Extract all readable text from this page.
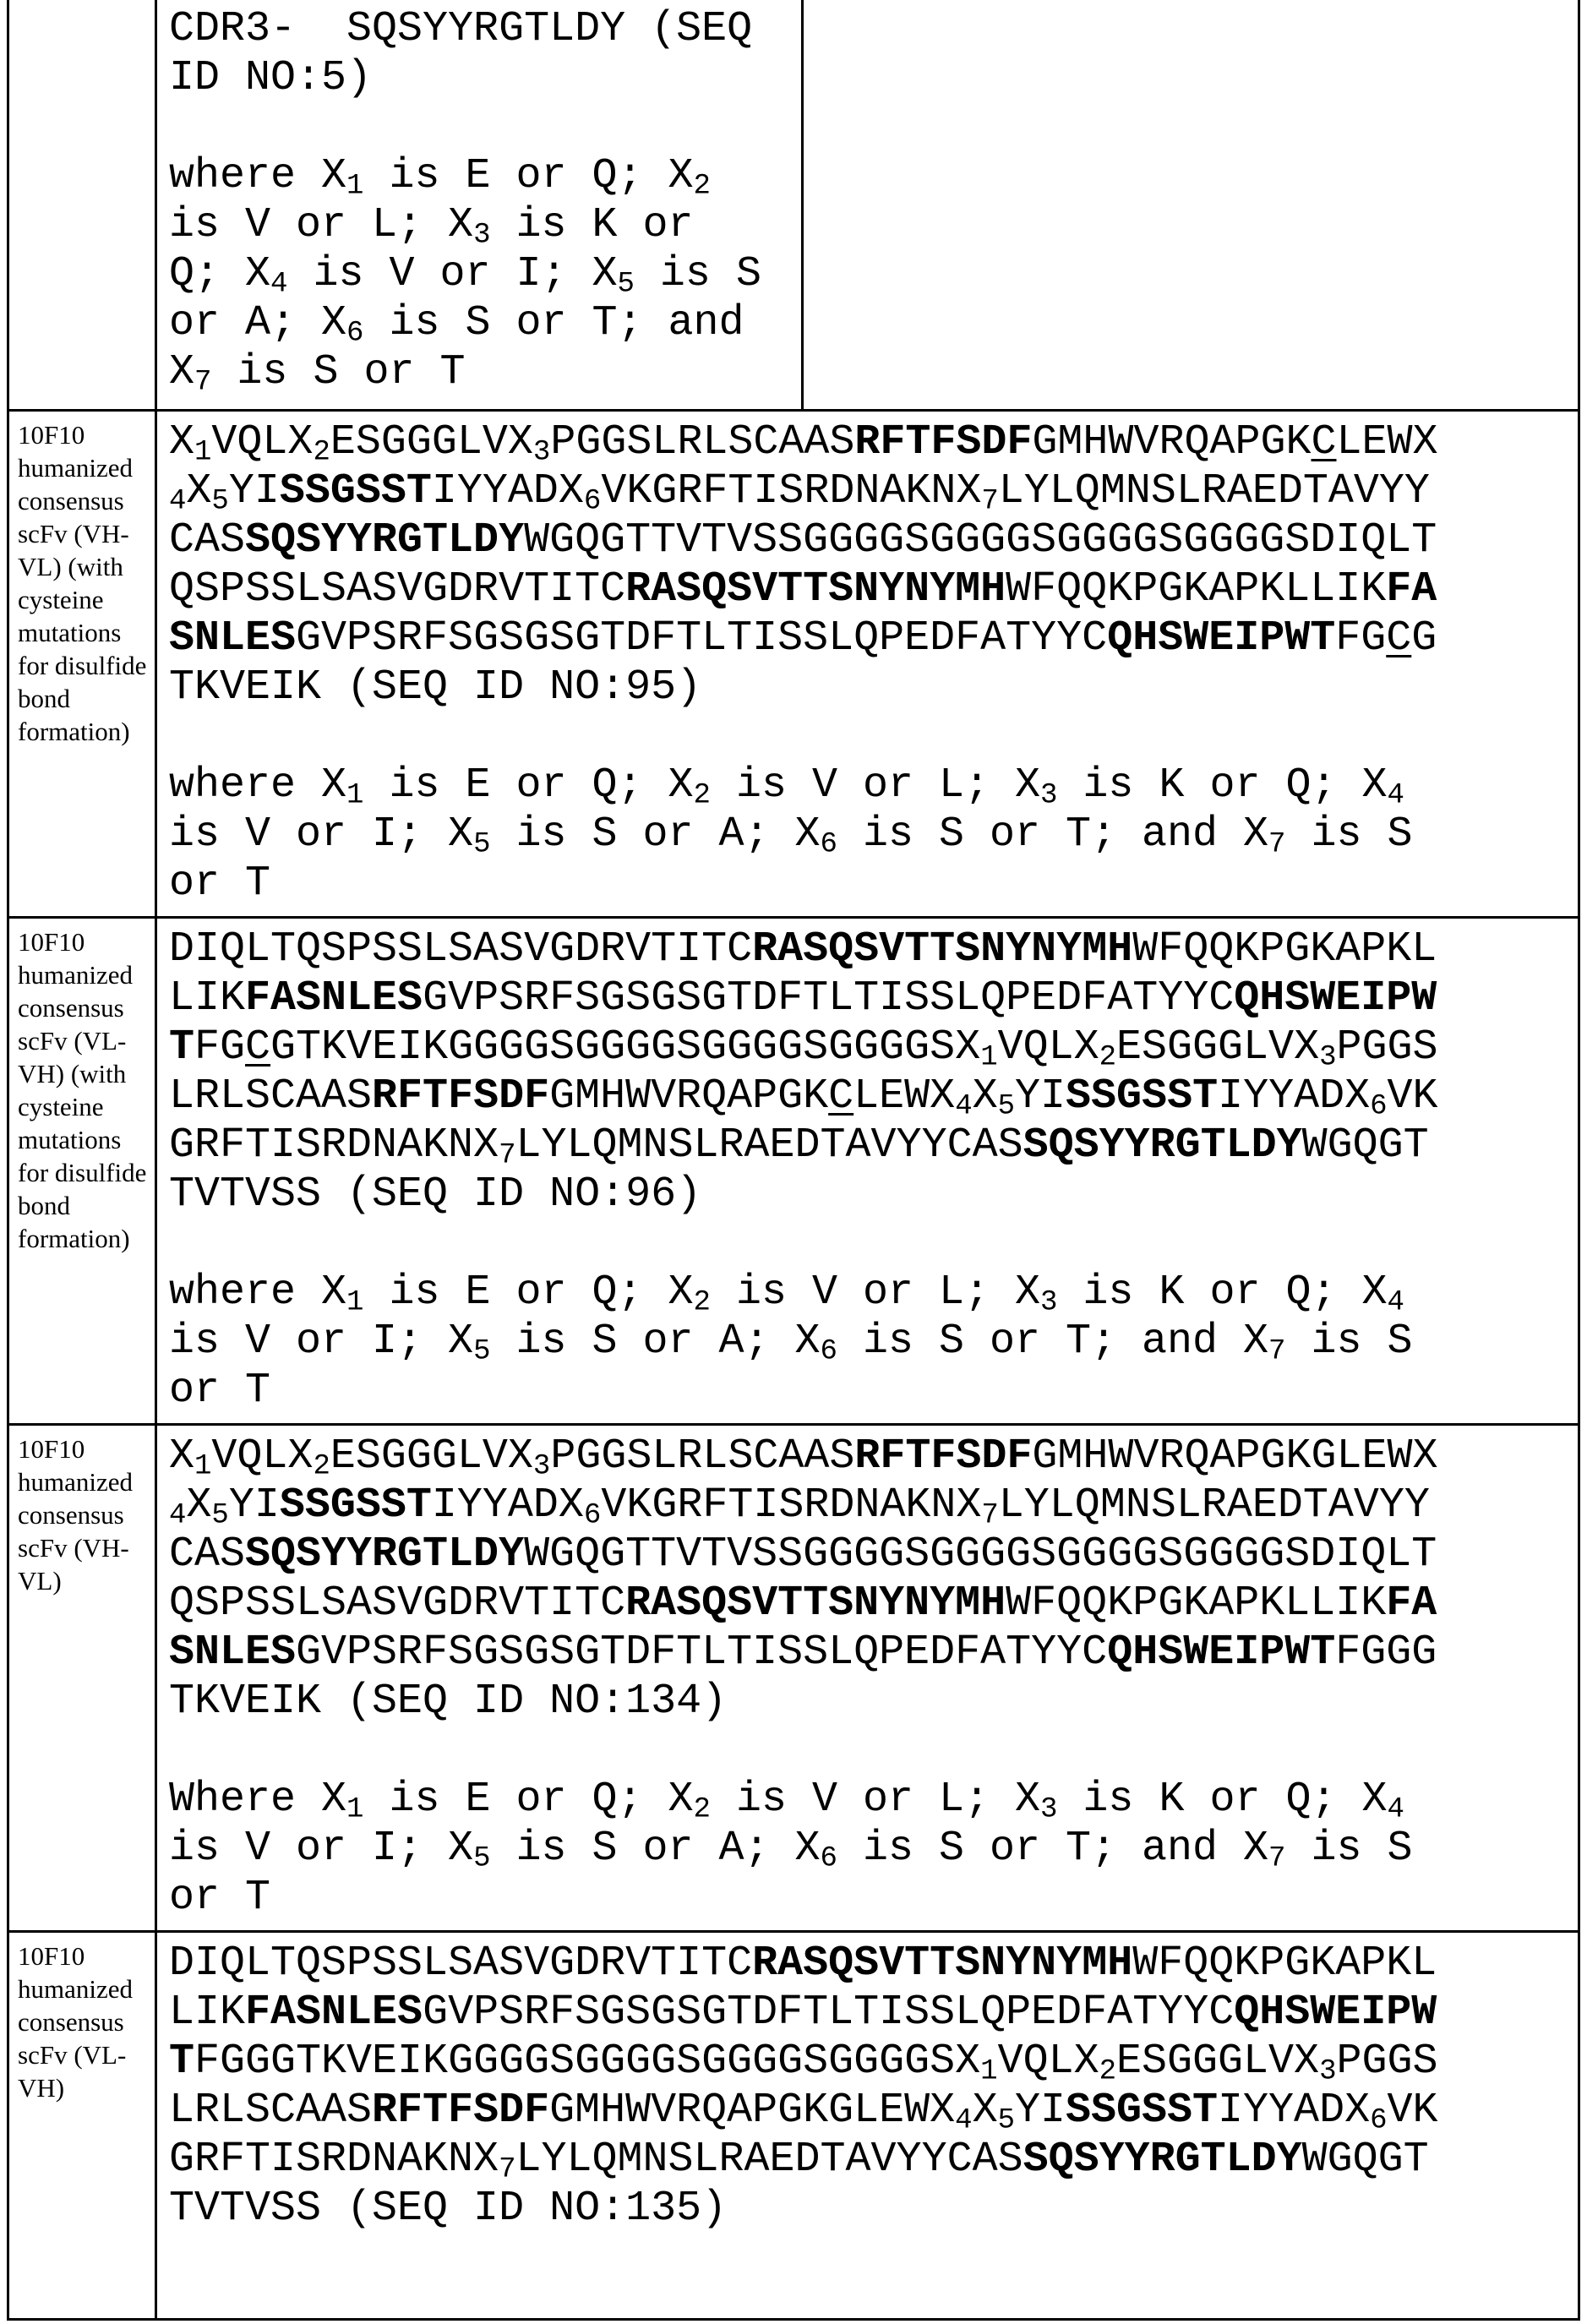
CDR3-  SQSYYRGTLDY (SEQ
ID NO:5)

where $X_1$ is E or Q; $X_2$
is V or L; $X_3$ is K or
Q; $X_4$ is V or I; $X_5$ is S
or A; $X_6$ is S or T; and
$X_7$ is S or T
10F10 humanized consensus scFv (VH-VL) (with cysteine mutations for disulfide bond formation)
$X_1VQLX_2ESGGGLVX_3PGGSLRLSCAASRFTFSDFGMHWVRQAPGKCLEWX$
$_4X_5YISSGSSTIYYADX_6VKGRFTISRDNAKNX_7LYLQMNSLRAEDTAVYY$
CASSQSYYRGTLDYWGQGTTVTVSSGGGGSGGGGSGGGGSGGGGSDIQLT
QSPSSLSASVGDRVTITCRASQSVTTSNYNYMHWFQQKPGKAPKLLIKFA
SNLESGVPSRFSGSGSGTDFTLTISSLQPEDFATYYCQHSWEIPWTFGCG
TKVEIK (SEQ ID NO:95)
where $X_1$ is E or Q; $X_2$ is V or L; $X_3$ is K or Q; $X_4$
is V or I; $X_5$ is S or A; $X_6$ is S or T; and $X_7$ is S
or T
10F10 humanized consensus scFv (VL-VH) (with cysteine mutations for disulfide bond formation)
DIQLTQSPSSLSASVGDRVTITCRASQSVTTSNYNYMHWFQQKPGKAPKL
LIKFASNLESGVPSRFSGSGSGTDFTLTISSLQPEDFATYYCQHSWEIPW
$TFGCGTKVEIKGGGGSGGGGSGGGGSGGGGSX_1VQLX_2ESGGGLVX_3PGGS$
$LRLSCAASRFTFSDFGMHWVRQAPGKCLEWX_4X_5YISSGSSTIYYADX_6VK$
$GRFTISRDNAKNX_7LYLQMNSLRAEDTAVYYCASSQSYYRGTLDYWGQGT$
TVTVSS (SEQ ID NO:96)
where $X_1$ is E or Q; $X_2$ is V or L; $X_3$ is K or Q; $X_4$
is V or I; $X_5$ is S or A; $X_6$ is S or T; and $X_7$ is S
or T
10F10 humanized consensus scFv (VH-VL)
$X_1VQLX_2ESGGGLVX_3PGGSLRLSCAASRFTFSDFGMHWVRQAPGKGLEWX$
$_4X_5YISSGSSTIYYADX_6VKGRFTISRDNAKNX_7LYLQMNSLRAEDTAVYY$
CASSQSYYRGTLDYWGQGTTVTVSSGGGGSGGGGSGGGGSGGGGSDIQLT
QSPSSLSASVGDRVTITCRASQSVTTSNYNYMHWFQQKPGKAPKLLIKFA
SNLESGVPSRFSGSGSGTDFTLTISSLQPEDFATYYCQHSWEIPWTFGGG
TKVEIK (SEQ ID NO:134)
Where $X_1$ is E or Q; $X_2$ is V or L; $X_3$ is K or Q; $X_4$
is V or I; $X_5$ is S or A; $X_6$ is S or T; and $X_7$ is S
or T
10F10 humanized consensus scFv (VL-VH)
DIQLTQSPSSLSASVGDRVTITCRASQSVTTSNYNYMHWFQQKPGKAPKL
LIKFASNLESGVPSRFSGSGSGTDFTLTISSLQPEDFATYYCQHSWEIPW
$TFGGGTKVEIKGGGGSGGGGSGGGGSGGGGSX_1VQLX_2ESGGGLVX_3PGGS$
$LRLSCAASRFTFSDFGMHWVRQAPGKGLEWX_4X_5YISSGSSTIYYADX_6VK$
$GRFTISRDNAKNX_7LYLQMNSLRAEDTAVYYCASSQSYYRGTLDYWGQGT$
TVTVSS (SEQ ID NO:135)
